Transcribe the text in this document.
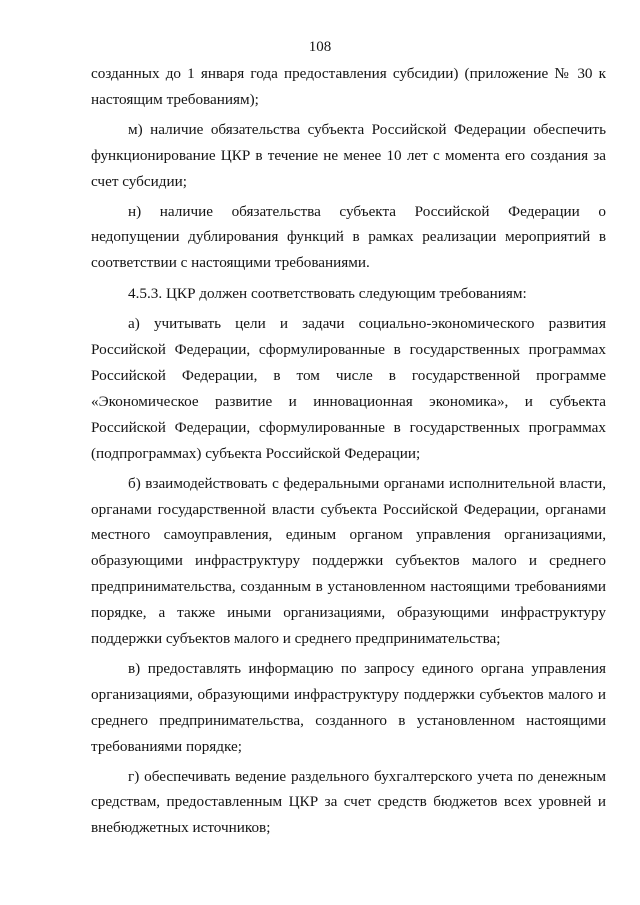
108

созданных до 1 января года предоставления субсидии) (приложение № 30 к настоящим требованиям);

м) наличие обязательства субъекта Российской Федерации обеспечить функционирование ЦКР в течение не менее 10 лет с момента его создания за счет субсидии;

н) наличие обязательства субъекта Российской Федерации о недопущении дублирования функций в рамках реализации мероприятий в соответствии с настоящими требованиями.

4.5.3. ЦКР должен соответствовать следующим требованиям:

а) учитывать цели и задачи социально-экономического развития Российской Федерации, сформулированные в государственных программах Российской Федерации, в том числе в государственной программе «Экономическое развитие и инновационная экономика», и субъекта Российской Федерации, сформулированные в государственных программах (подпрограммах) субъекта Российской Федерации;

б) взаимодействовать с федеральными органами исполнительной власти, органами государственной власти субъекта Российской Федерации, органами местного самоуправления, единым органом управления организациями, образующими инфраструктуру поддержки субъектов малого и среднего предпринимательства, созданным в установленном настоящими требованиями порядке, а также иными организациями, образующими инфраструктуру поддержки субъектов малого и среднего предпринимательства;

в) предоставлять информацию по запросу единого органа управления организациями, образующими инфраструктуру поддержки субъектов малого и среднего предпринимательства, созданного в установленном настоящими требованиями порядке;

г) обеспечивать ведение раздельного бухгалтерского учета по денежным средствам, предоставленным ЦКР за счет средств бюджетов всех уровней и внебюджетных источников;
